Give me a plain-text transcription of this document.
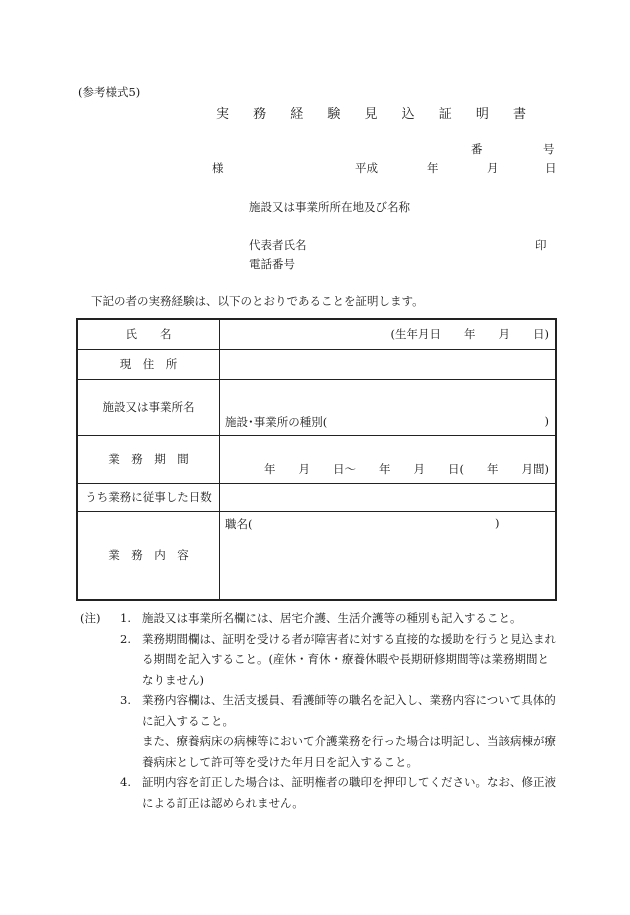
(参考様式5)
実 務 経 験 見 込 証 明 書
番	号
様	平成	年	月	日
施設又は事業所所在地及び名称
代表者氏名	印
電話番号
下記の者の実務経験は、以下のとおりであることを証明します。
氏　　名	(生年月日　　年　　月　　日)
現　住　所	
施設又は事業所名	施設･事業所の種別( )

業　務　期　間	年　　月　　日～　　年　　月　　日(　　年　　月間)
うち業務に従事した日数	
業　務　内　容	職名( )
(注)	1. 施設又は事業所名欄には、居宅介護、生活介護等の種別も記入すること。
2. 業務期間欄は、証明を受ける者が障害者に対する直接的な援助を行うと見込まれる期間を記入すること。(産休・育休・療養休暇や長期研修期間等は業務期間となりません)
3. 業務内容欄は、生活支援員、看護師等の職名を記入し、業務内容について具体的に記入すること。
また、療養病床の病棟等において介護業務を行った場合は明記し、当該病棟が療養病床として許可等を受けた年月日を記入すること。
4. 証明内容を訂正した場合は、証明権者の職印を押印してください。なお、修正液による訂正は認められません。
